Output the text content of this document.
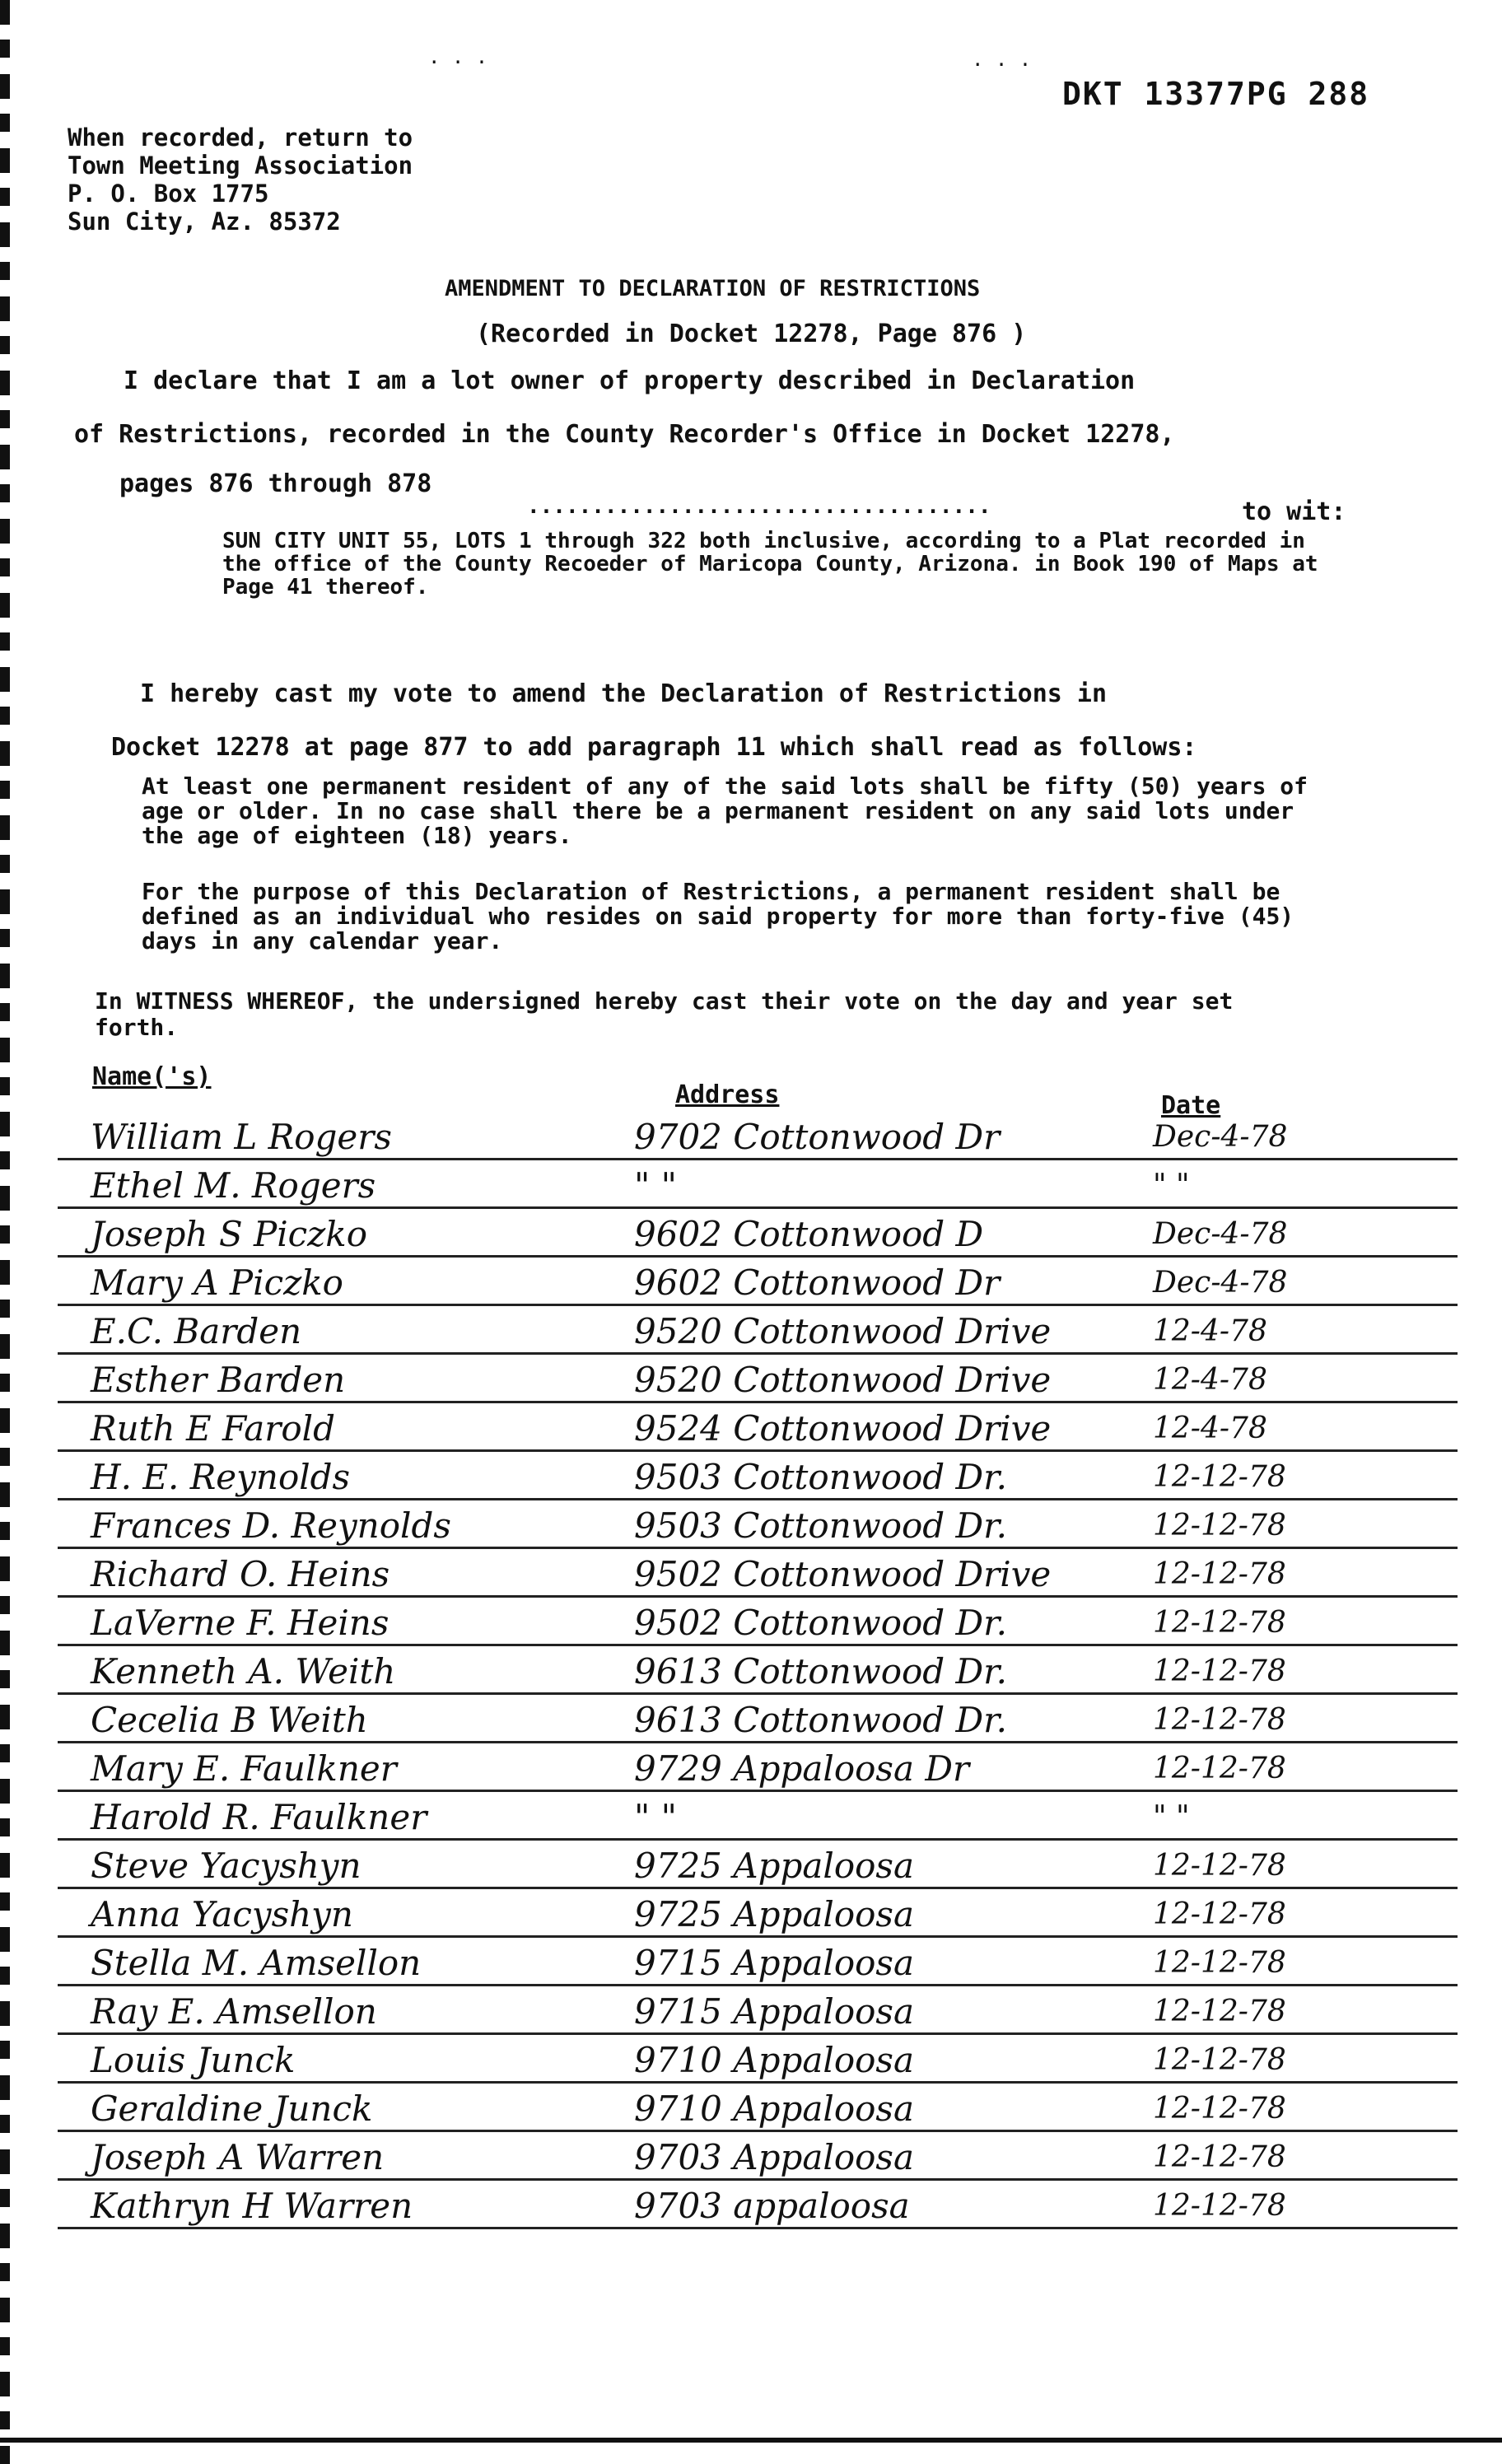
. . .	. . .
DKT 13377PG 288
When recorded, return to
Town Meeting Association
P. O. Box 1775
Sun City, Az. 85372
AMENDMENT TO DECLARATION OF RESTRICTIONS
(Recorded in Docket 12278, Page 876 )
I declare that I am a lot owner of property described in Declaration
of Restrictions, recorded in the County Recorder's Office in Docket 12278,
pages 876 through 878
....................................	to wit:
SUN CITY UNIT 55, LOTS 1 through 322 both inclusive, according to a Plat recorded in the office of the County Recoeder of Maricopa County, Arizona. in Book 190 of Maps at Page 41 thereof.
I hereby cast my vote to amend the Declaration of Restrictions in
Docket 12278 at page 877 to add paragraph 11 which shall read as follows:
At least one permanent resident of any of the said lots shall be fifty (50) years of age or older. In no case shall there be a permanent resident on any said lots under the age of eighteen (18) years.
For the purpose of this Declaration of Restrictions, a permanent resident shall be defined as an individual who resides on said property for more than forty-five (45) days in any calendar year.
In WITNESS WHEREOF, the undersigned hereby cast their vote on the day and year set forth.
Name('s)
Address	Date
William L Rogers	9702 Cottonwood Dr	Dec-4-78
Ethel M. Rogers	" "	" "
Joseph S Piczko	9602 Cottonwood D	Dec-4-78
Mary A Piczko	9602 Cottonwood Dr	Dec-4-78
E.C. Barden	9520 Cottonwood Drive	12-4-78
Esther Barden	9520 Cottonwood Drive	12-4-78
Ruth E Farold	9524 Cottonwood Drive	12-4-78
H. E. Reynolds	9503 Cottonwood Dr.	12-12-78
Frances D. Reynolds	9503 Cottonwood Dr.	12-12-78
Richard O. Heins	9502 Cottonwood Drive	12-12-78
LaVerne F. Heins	9502 Cottonwood Dr.	12-12-78
Kenneth A. Weith	9613 Cottonwood Dr.	12-12-78
Cecelia B Weith	9613 Cottonwood Dr.	12-12-78
Mary E. Faulkner	9729 Appaloosa Dr	12-12-78
Harold R. Faulkner	" "	" "
Steve Yacyshyn	9725 Appaloosa	12-12-78
Anna Yacyshyn	9725 Appaloosa	12-12-78
Stella M. Amsellon	9715 Appaloosa	12-12-78
Ray E. Amsellon	9715 Appaloosa	12-12-78
Louis Junck	9710 Appaloosa	12-12-78
Geraldine Junck	9710 Appaloosa	12-12-78
Joseph A Warren	9703 Appaloosa	12-12-78
Kathryn H Warren	9703 appaloosa	12-12-78
